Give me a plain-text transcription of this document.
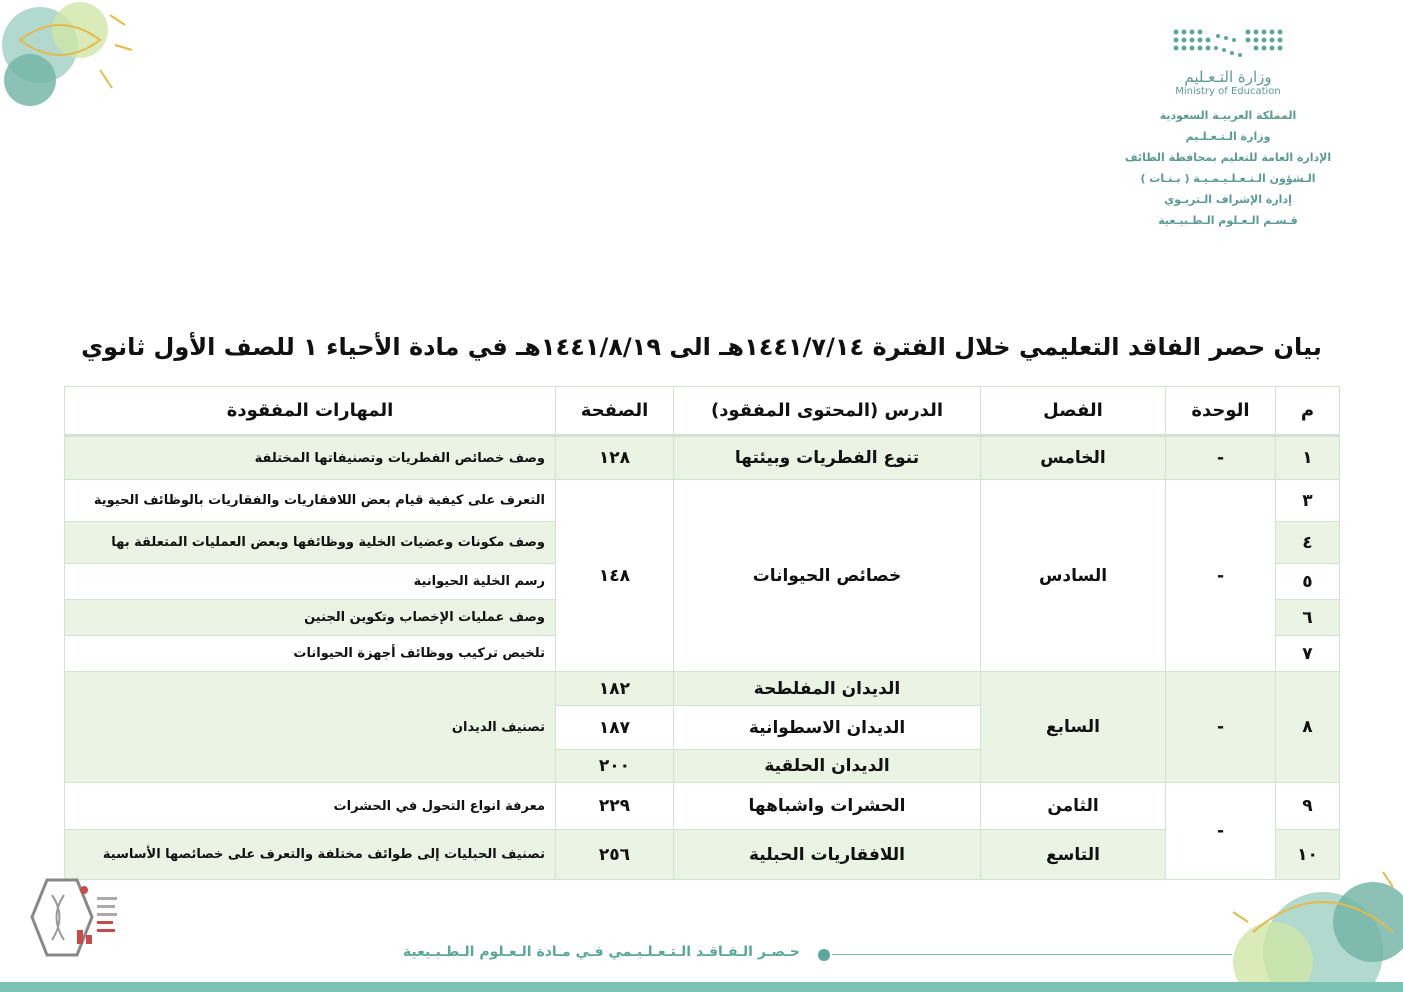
وزارة التـعـليم
Ministry of Education
المملكة العربيـة السعودية
وزارة الـتـعـلـيم
الإدارة العامة للتعليم بمحافظة الطائف
الـشؤون الـتـعـلـيـمـيـة ( بـنـات )
إدارة الإشراف الـتربـوي
قـسـم الـعـلوم الـطـبيـعية
بيان حصر الفاقد التعليمي خلال الفترة ١٤٤١/٧/١٤هـ الى ١٤٤١/٨/١٩هـ في مادة الأحياء ١ للصف الأول ثانوي
م	الوحدة	الفصل	الدرس (المحتوى المفقود)	الصفحة	المهارات المفقودة
١	-	الخامس	تنوع الفطريات وبيئتها	١٢٨	وصف خصائص الفطريات وتصنيفاتها المختلفة
٣	-	السادس	خصائص الحيوانات	١٤٨	التعرف على كيفية قيام بعض اللافقاريات والفقاريات بالوظائف الحيوية
٤					وصف مكونات وعضيات الخلية ووظائفها وبعض العمليات المتعلقة بها
٥					رسم الخلية الحيوانية
٦					وصف عمليات الإخصاب وتكوين الجنين
٧					تلخيص تركيب ووظائف أجهزة الحيوانات
٨	-	السابع	الديدان المفلطحة	١٨٢	تصنيف الديدان
			الديدان الاسطوانية	١٨٧	
			الديدان الحلقية	٢٠٠	
٩	-	الثامن	الحشرات واشباهها	٢٢٩	معرفة انواع التحول في الحشرات
١٠		التاسع	اللافقاريات الحبلية	٢٥٦	تصنيف الحبليات إلى طوائف مختلفة والتعرف على خصائصها الأساسية
حـصـر الـفـاقـد الـتـعـلـيـمي فـي مـادة الـعـلوم الـطـبـيعية
